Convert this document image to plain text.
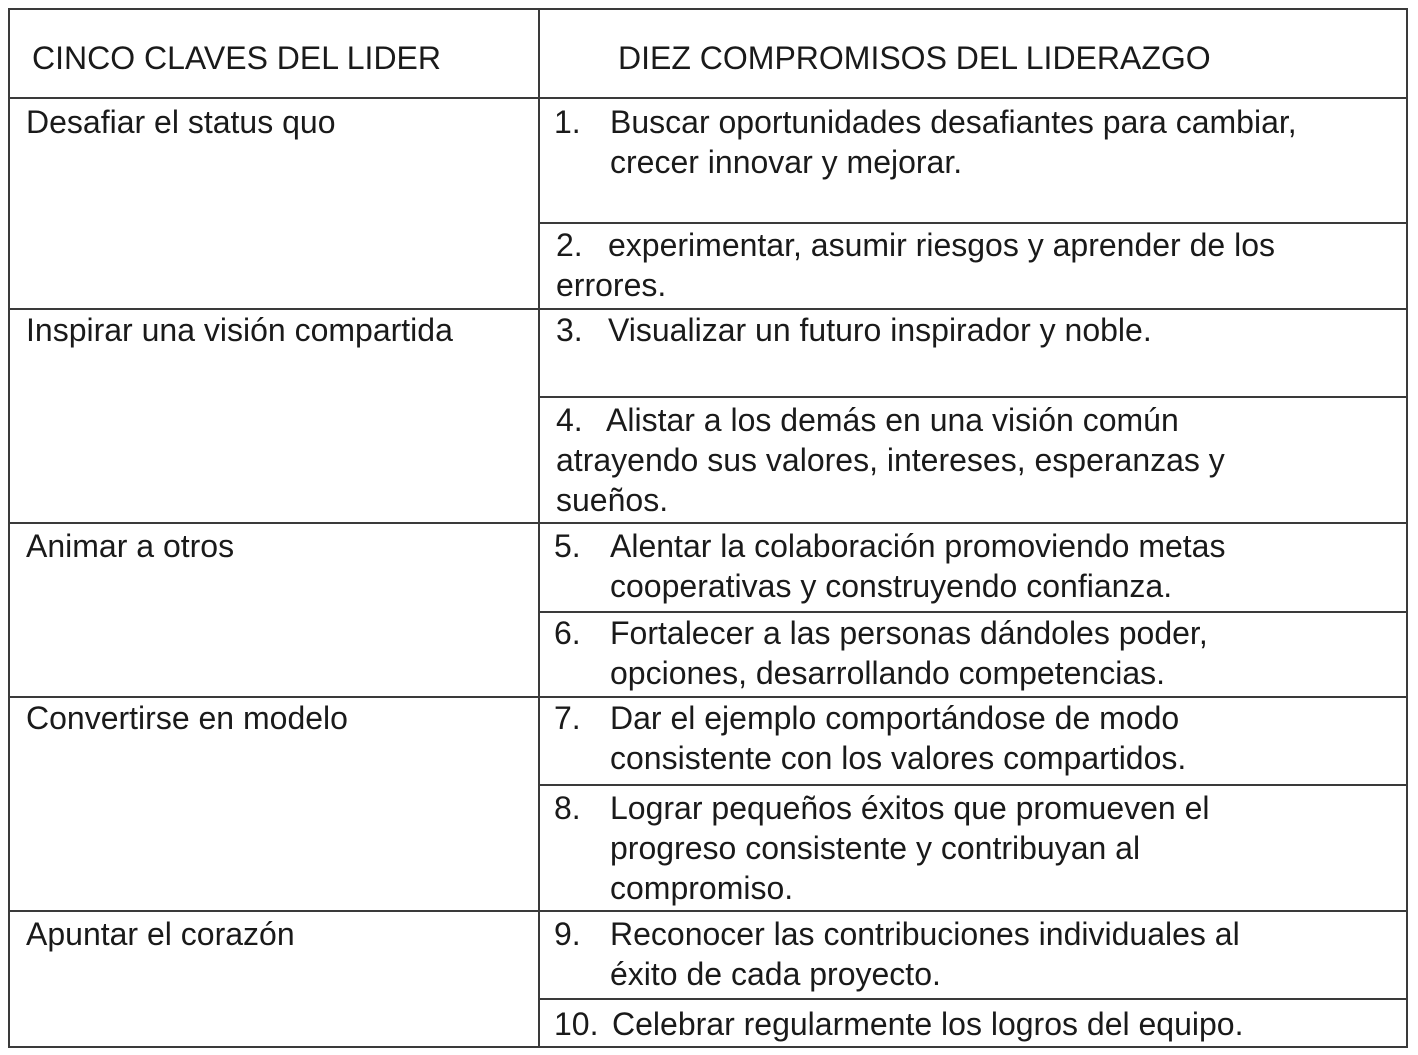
CINCO CLAVES DEL LIDER	DIEZ COMPROMISOS DEL LIDERAZGO
Desafiar el status quo
Inspirar una visión compartida
Animar a otros
Convertirse en modelo
Apuntar el corazón
1. Buscar oportunidades desafiantes para cambiar,
crecer innovar y mejorar.
2. experimentar, asumir riesgos y aprender de los
errores.
3. Visualizar un futuro inspirador y noble.
4. Alistar a los demás en una visión común
atrayendo sus valores, intereses, esperanzas y
sueños.
5. Alentar la colaboración promoviendo metas
cooperativas y construyendo confianza.
6. Fortalecer a las personas dándoles poder,
opciones, desarrollando competencias.
7. Dar el ejemplo comportándose de modo
consistente con los valores compartidos.
8. Lograr pequeños éxitos que promueven el
progreso consistente y contribuyan al
compromiso.
9. Reconocer las contribuciones individuales al
éxito de cada proyecto.
10. Celebrar regularmente los logros del equipo.
